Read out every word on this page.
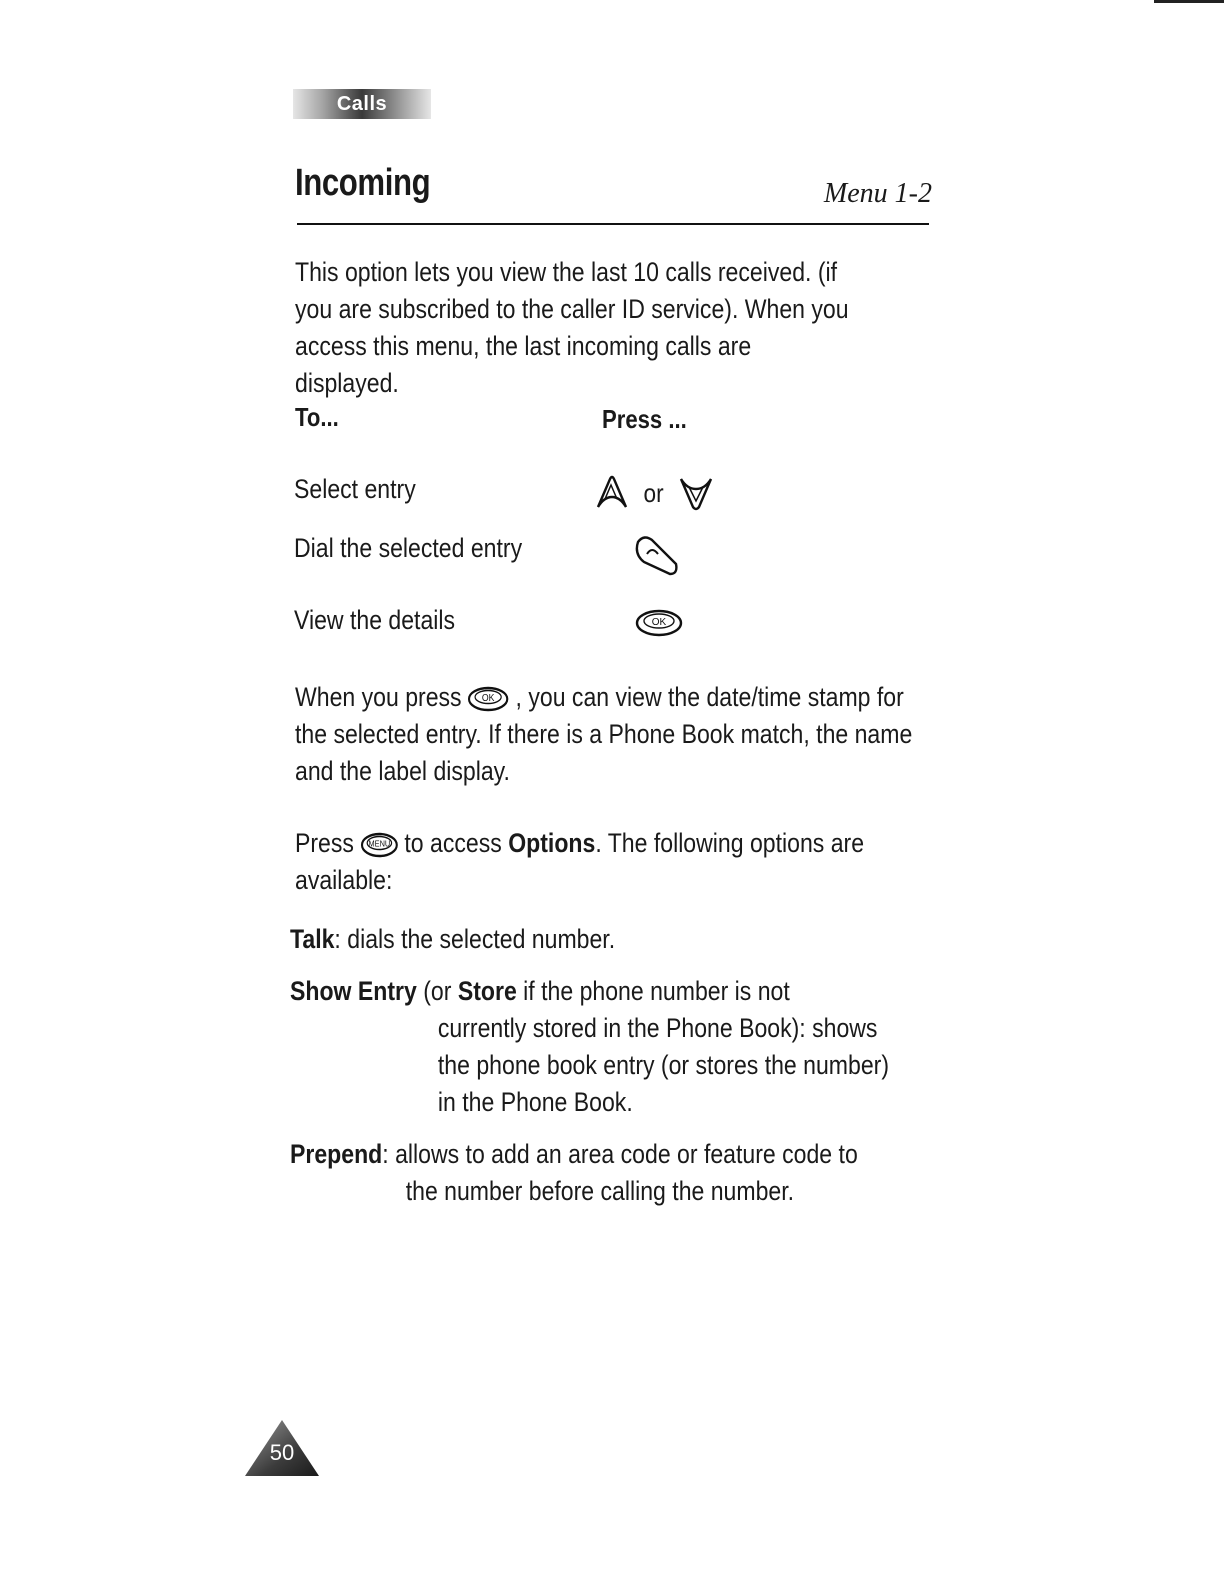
Calls
Incoming	Menu 1-2
This option lets you view the last 10 calls received. (if you are subscribed to the caller ID service). When you access this menu, the last incoming calls are displayed.
To...	Press ...
Select entry	or
Dial the selected entry
View the details	OK
When you press OK , you can view the date/time stamp for the selected entry. If there is a Phone Book match, the name and the label display.
Press MENU to access Options. The following options are available:
Talk: dials the selected number.
Show Entry (or Store if the phone number is not
currently stored in the Phone Book): shows the phone book entry (or stores the number) in the Phone Book.
Prepend: allows to add an area code or feature code to
the number before calling the number.
50
